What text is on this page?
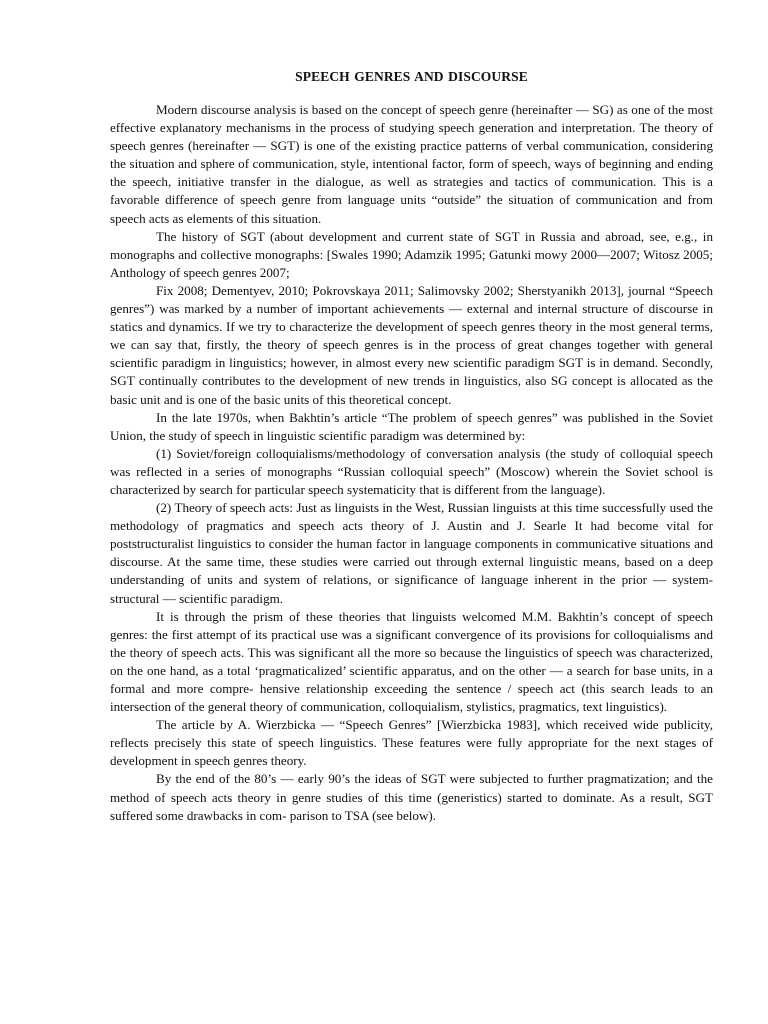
SPEECH GENRES AND DISCOURSE

Modern discourse analysis is based on the concept of speech genre (hereinafter — SG) as one of the most effective explanatory mechanisms in the process of studying speech generation and interpretation. The theory of speech genres (hereinafter — SGT) is one of the existing practice patterns of verbal communication, considering the situation and sphere of communication, style, intentional factor, form of speech, ways of beginning and ending the speech, initiative transfer in the dialogue, as well as strategies and tactics of communication. This is a favorable difference of speech genre from language units “outside” the situation of communication and from speech acts as elements of this situation.

The history of SGT (about development and current state of SGT in Russia and abroad, see, e.g., in monographs and collective monographs: [Swales 1990; Adamzik 1995; Gatunki mowy 2000—2007; Witosz 2005; Anthology of speech genres 2007;

Fix 2008; Dementyev, 2010; Pokrovskaya 2011; Salimovsky 2002; Sherstyanikh 2013], journal “Speech genres”) was marked by a number of important achievements — external and internal structure of discourse in statics and dynamics. If we try to characterize the development of speech genres theory in the most general terms, we can say that, firstly, the theory of speech genres is in the process of great changes together with general scientific paradigm in linguistics; however, in almost every new scientific paradigm SGT is in demand. Secondly, SGT continually contributes to the development of new trends in linguistics, also SG concept is allocated as the basic unit and is one of the basic units of this theoretical concept.

In the late 1970s, when Bakhtin’s article “The problem of speech genres” was published in the Soviet Union, the study of speech in linguistic scientific paradigm was determined by:

(1) Soviet/foreign colloquialisms/methodology of conversation analysis (the study of colloquial speech was reflected in a series of monographs “Russian colloquial speech” (Moscow) wherein the Soviet school is characterized by search for particular speech systematicity that is different from the language).

(2) Theory of speech acts: Just as linguists in the West, Russian linguists at this time successfully used the methodology of pragmatics and speech acts theory of J. Austin and J. Searle It had become vital for poststructuralist linguistics to consider the human factor in language components in communicative situations and discourse. At the same time, these studies were carried out through external linguistic means, based on a deep understanding of units and system of relations, or significance of language inherent in the prior — system-structural — scientific paradigm.

It is through the prism of these theories that linguists welcomed M.M. Bakhtin’s concept of speech genres: the first attempt of its practical use was a significant convergence of its provisions for colloquialisms and the theory of speech acts. This was significant all the more so because the linguistics of speech was characterized, on the one hand, as a total ‘pragmaticalized’ scientific apparatus, and on the other — a search for base units, in a formal and more compre- hensive relationship exceeding the sentence / speech act (this search leads to an intersection of the general theory of communication, colloquialism, stylistics, pragmatics, text linguistics).

The article by A. Wierzbicka — “Speech Genres” [Wierzbicka 1983], which received wide publicity, reflects precisely this state of speech linguistics. These features were fully appropriate for the next stages of development in speech genres theory.

By the end of the 80’s — early 90’s the ideas of SGT were subjected to further pragmatization; and the method of speech acts theory in genre studies of this time (generistics) started to dominate. As a result, SGT suffered some drawbacks in com- parison to TSA (see below).
